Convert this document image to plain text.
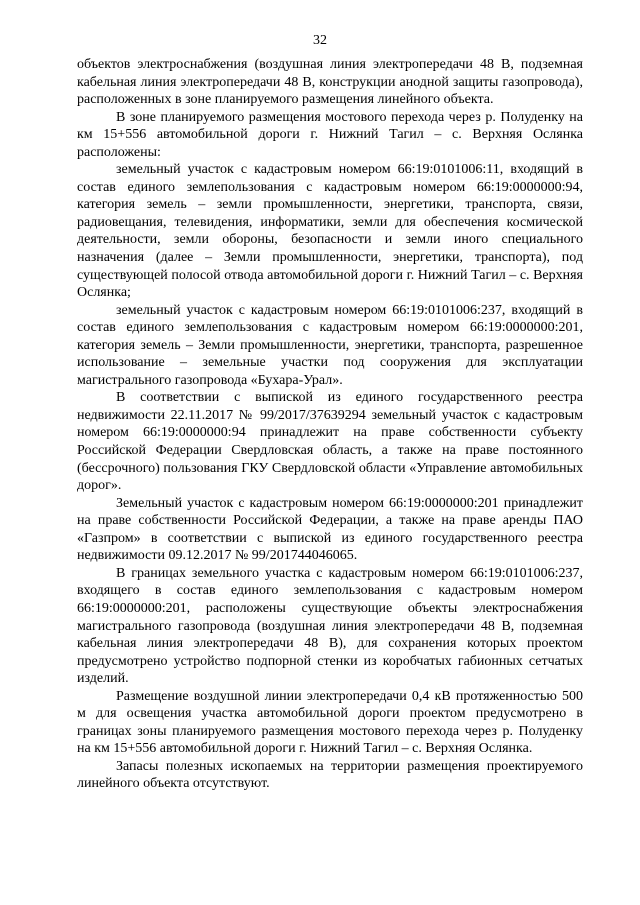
32

объектов электроснабжения (воздушная линия электропередачи 48 В, подземная кабельная линия электропередачи 48 В, конструкции анодной защиты газопровода), расположенных в зоне планируемого размещения линейного объекта.

В зоне планируемого размещения мостового перехода через р. Полуденку на км 15+556 автомобильной дороги г. Нижний Тагил – с. Верхняя Ослянка расположены:

земельный участок с кадастровым номером 66:19:0101006:11, входящий в состав единого землепользования с кадастровым номером 66:19:0000000:94, категория земель – земли промышленности, энергетики, транспорта, связи, радиовещания, телевидения, информатики, земли для обеспечения космической деятельности, земли обороны, безопасности и земли иного специального назначения (далее – Земли промышленности, энергетики, транспорта), под существующей полосой отвода автомобильной дороги г. Нижний Тагил – с. Верхняя Ослянка;

земельный участок с кадастровым номером 66:19:0101006:237, входящий в состав единого землепользования с кадастровым номером 66:19:0000000:201, категория земель – Земли промышленности, энергетики, транспорта, разрешенное использование – земельные участки под сооружения для эксплуатации магистрального газопровода «Бухара-Урал».

В соответствии с выпиской из единого государственного реестра недвижимости 22.11.2017 № 99/2017/37639294 земельный участок с кадастровым номером 66:19:0000000:94 принадлежит на праве собственности субъекту Российской Федерации Свердловская область, а также на праве постоянного (бессрочного) пользования ГКУ Свердловской области «Управление автомобильных дорог».

Земельный участок с кадастровым номером 66:19:0000000:201 принадлежит на праве собственности Российской Федерации, а также на праве аренды ПАО «Газпром» в соответствии с выпиской из единого государственного реестра недвижимости 09.12.2017 № 99/201744046065.

В границах земельного участка с кадастровым номером 66:19:0101006:237, входящего в состав единого землепользования с кадастровым номером 66:19:0000000:201, расположены существующие объекты электроснабжения магистрального газопровода (воздушная линия электропередачи 48 В, подземная кабельная линия электропередачи 48 В), для сохранения которых проектом предусмотрено устройство подпорной стенки из коробчатых габионных сетчатых изделий.

Размещение воздушной линии электропередачи 0,4 кВ протяженностью 500 м для освещения участка автомобильной дороги проектом предусмотрено в границах зоны планируемого размещения мостового перехода через р. Полуденку на км 15+556 автомобильной дороги г. Нижний Тагил – с. Верхняя Ослянка.

Запасы полезных ископаемых на территории размещения проектируемого линейного объекта отсутствуют.
